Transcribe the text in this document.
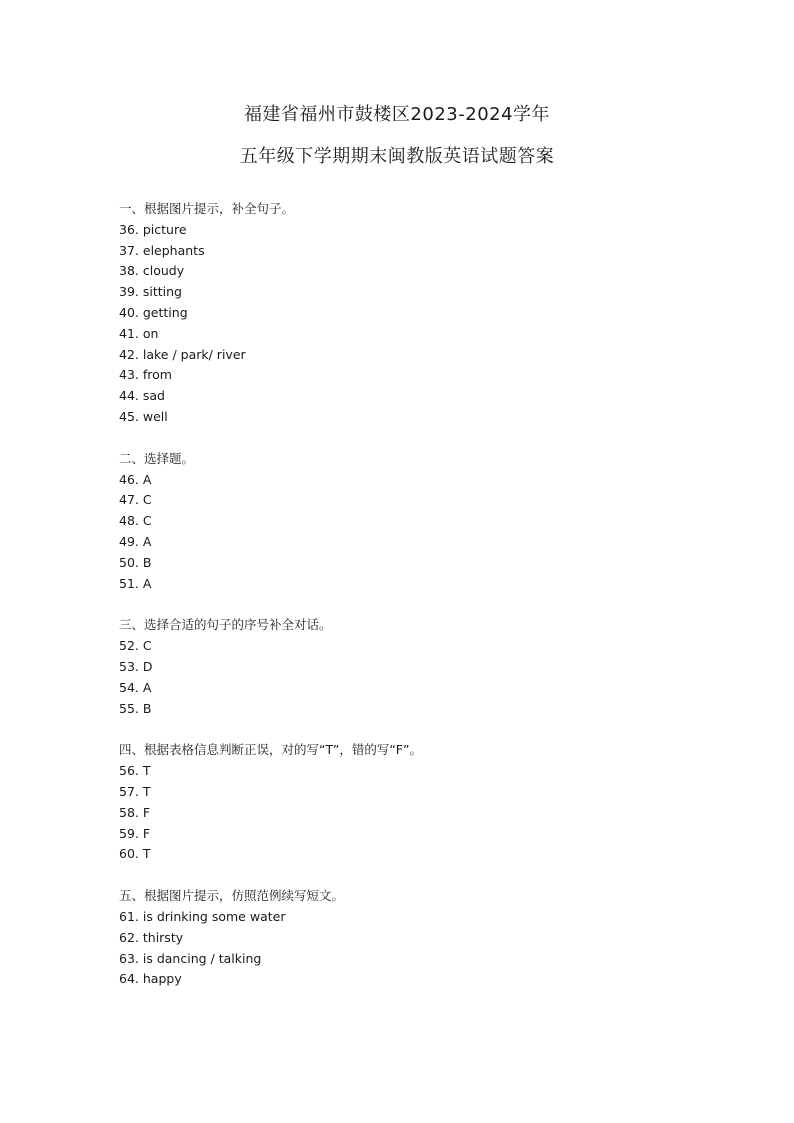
福建省福州市鼓楼区2023-2024学年
五年级下学期期末闽教版英语试题答案
一、根据图片提示，补全句子。
36. picture
37. elephants
38. cloudy
39. sitting
40. getting
41. on
42. lake / park/ river
43. from
44. sad
45. well
二、选择题。
46. A
47. C
48. C
49. A
50. B
51. A
三、选择合适的句子的序号补全对话。
52. C
53. D
54. A
55. B
四、根据表格信息判断正误，对的写“T”，错的写“F”。
56. T
57. T
58. F
59. F
60. T
五、根据图片提示，仿照范例续写短文。
61. is drinking some water
62. thirsty
63. is dancing / talking
64. happy
